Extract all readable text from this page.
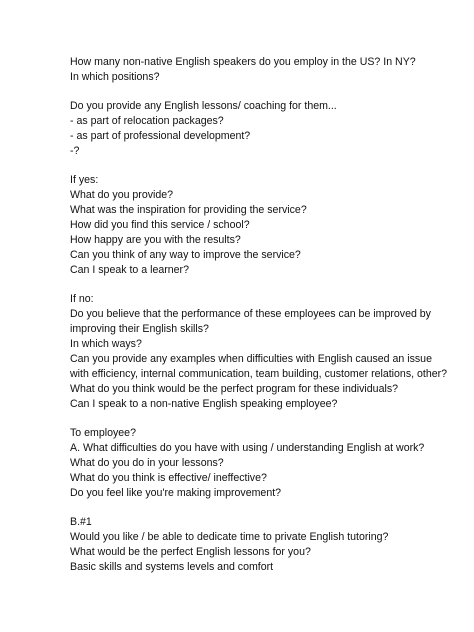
How many non-native English speakers do you employ in the US? In NY?
In which positions?
Do you provide any English lessons/ coaching for them...
- as part of relocation packages?
- as part of professional development?
-?
If yes:
What do you provide?
What was the inspiration for providing the service?
How did you find this service / school?
How happy are you with the results?
Can you think of any way to improve the service?
Can I speak to a learner?
If no:
Do you believe that the performance of these employees can be improved by
improving their English skills?
In which ways?
Can you provide any examples when difficulties with English caused an issue
with efficiency, internal communication, team building, customer relations, other?
What do you think would be the perfect program for these individuals?
Can I speak to a non-native English speaking employee?
To employee?
A. What difficulties do you have with using / understanding English at work?
What do you do in your lessons?
What do you think is effective/ ineffective?
Do you feel like you're making improvement?
B.#1
Would you like / be able to dedicate time to private English tutoring?
What would be the perfect English lessons for you?
Basic skills and systems levels and comfort
